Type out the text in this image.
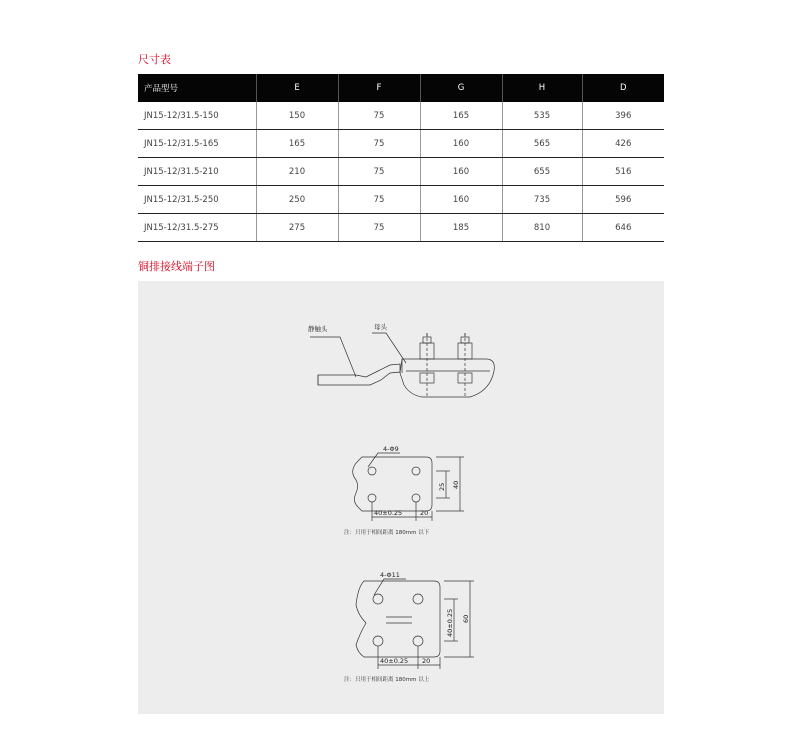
尺寸表
产品型号	E	F	G	H	D
JN15-12/31.5-150	150	75	165	535	396
JN15-12/31.5-165	165	75	160	565	426
JN15-12/31.5-210	210	75	160	655	516
JN15-12/31.5-250	250	75	160	735	596
JN15-12/31.5-275	275	75	185	810	646
铜排接线端子图
静触头	母头
4-Φ9
40±0.25	20
25 40
注：只用于相间距离 180mm 以下
4-Φ11
40±0.25 20
40±0.25 60
注：只用于相间距离 180mm 以上
